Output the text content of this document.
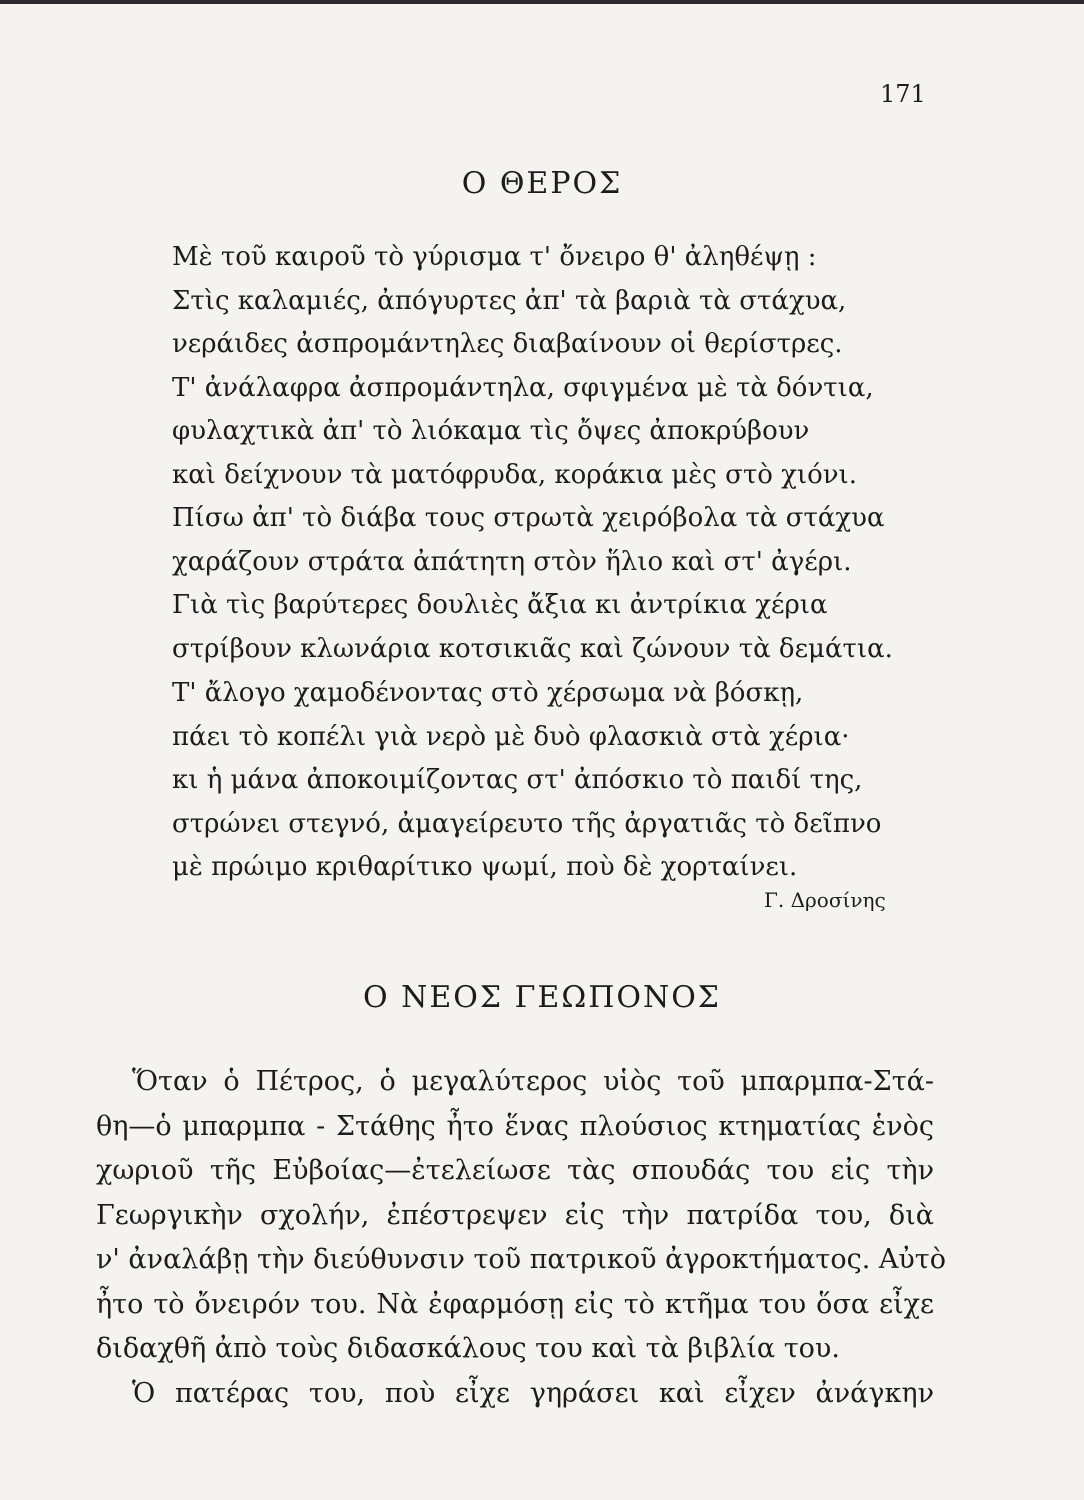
171
Ο ΘΕΡΟΣ
Μὲ τοῦ καιροῦ τὸ γύρισμα τ' ὄνειρο θ' ἀληθέψῃ :
Στὶς καλαμιές, ἀπόγυρτες ἀπ' τὰ βαριὰ τὰ στάχυα,
νεράιδες ἀσπρομάντηλες διαβαίνουν οἱ θερίστρες.
Τ' ἀνάλαφρα ἀσπρομάντηλα, σφιγμένα μὲ τὰ δόντια,
φυλαχτικὰ ἀπ' τὸ λιόκαμα τὶς ὄψες ἀποκρύβουν
καὶ δείχνουν τὰ ματόφρυδα, κοράκια μὲς στὸ χιόνι.
Πίσω ἀπ' τὸ διάβα τους στρωτὰ χειρόβολα τὰ στάχυα
χαράζουν στράτα ἀπάτητη στὸν ἥλιο καὶ στ' ἀγέρι.
Γιὰ τὶς βαρύτερες δουλιὲς ἄξια κι ἀντρίκια χέρια
στρίβουν κλωνάρια κοτσικιᾶς καὶ ζώνουν τὰ δεμάτια.
Τ' ἄλογο χαμοδένοντας στὸ χέρσωμα νὰ βόσκῃ,
πάει τὸ κοπέλι γιὰ νερὸ μὲ δυὸ φλασκιὰ στὰ χέρια·
κι ἡ μάνα ἀποκοιμίζοντας στ' ἀπόσκιο τὸ παιδί της,
στρώνει στεγνό, ἀμαγείρευτο τῆς ἀργατιᾶς τὸ δεῖπνο
μὲ πρώιμο κριθαρίτικο ψωμί, ποὺ δὲ χορταίνει.
Γ. Δροσίνης
Ο ΝΕΟΣ ΓΕΩΠΟΝΟΣ
Ὅταν ὁ Πέτρος, ὁ μεγαλύτερος υἱὸς τοῦ μπαρμπα-Στά-
θη—ὁ μπαρμπα - Στάθης ἦτο ἕνας πλούσιος κτηματίας ἑνὸς
χωριοῦ τῆς Εὐβοίας—ἐτελείωσε τὰς σπουδάς του εἰς τὴν
Γεωργικὴν σχολήν, ἐπέστρεψεν εἰς τὴν πατρίδα του, διὰ
ν' ἀναλάβῃ τὴν διεύθυνσιν τοῦ πατρικοῦ ἀγροκτήματος. Αὐτὸ
ἦτο τὸ ὄνειρόν του. Νὰ ἐφαρμόσῃ εἰς τὸ κτῆμα του ὅσα εἶχε
διδαχθῆ ἀπὸ τοὺς διδασκάλους του καὶ τὰ βιβλία του.
Ὁ πατέρας του, ποὺ εἶχε γηράσει καὶ εἶχεν ἀνάγκην
